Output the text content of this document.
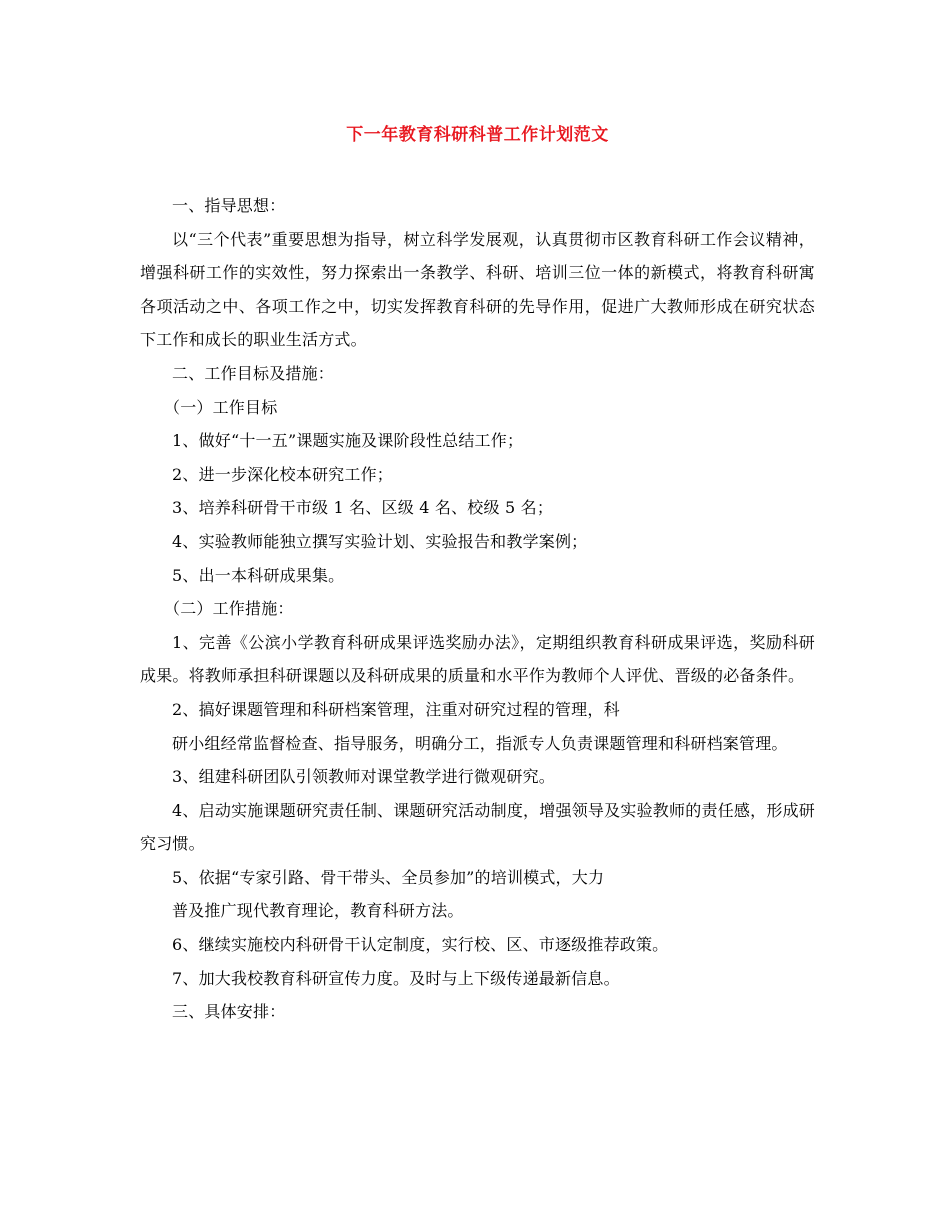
下一年教育科研科普工作计划范文

一、指导思想：

以“三个代表”重要思想为指导，树立科学发展观，认真贯彻市区教育科研工作会议精神，增强科研工作的实效性，努力探索出一条教学、科研、培训三位一体的新模式，将教育科研寓各项活动之中、各项工作之中，切实发挥教育科研的先导作用，促进广大教师形成在研究状态下工作和成长的职业生活方式。

二、工作目标及措施：

（一）工作目标

1、做好“十一五”课题实施及课阶段性总结工作；

2、进一步深化校本研究工作；

3、培养科研骨干市级 1 名、区级 4 名、校级 5 名；

4、实验教师能独立撰写实验计划、实验报告和教学案例；

5、出一本科研成果集。

（二）工作措施：

1、完善《公滨小学教育科研成果评选奖励办法》，定期组织教育科研成果评选，奖励科研成果。将教师承担科研课题以及科研成果的质量和水平作为教师个人评优、晋级的必备条件。

2、搞好课题管理和科研档案管理，注重对研究过程的管理，科

研小组经常监督检查、指导服务，明确分工，指派专人负责课题管理和科研档案管理。

3、组建科研团队引领教师对课堂教学进行微观研究。

4、启动实施课题研究责任制、课题研究活动制度，增强领导及实验教师的责任感，形成研究习惯。

5、依据“专家引路、骨干带头、全员参加”的培训模式，大力

普及推广现代教育理论，教育科研方法。

6、继续实施校内科研骨干认定制度，实行校、区、市逐级推荐政策。

7、加大我校教育科研宣传力度。及时与上下级传递最新信息。

三、具体安排：
